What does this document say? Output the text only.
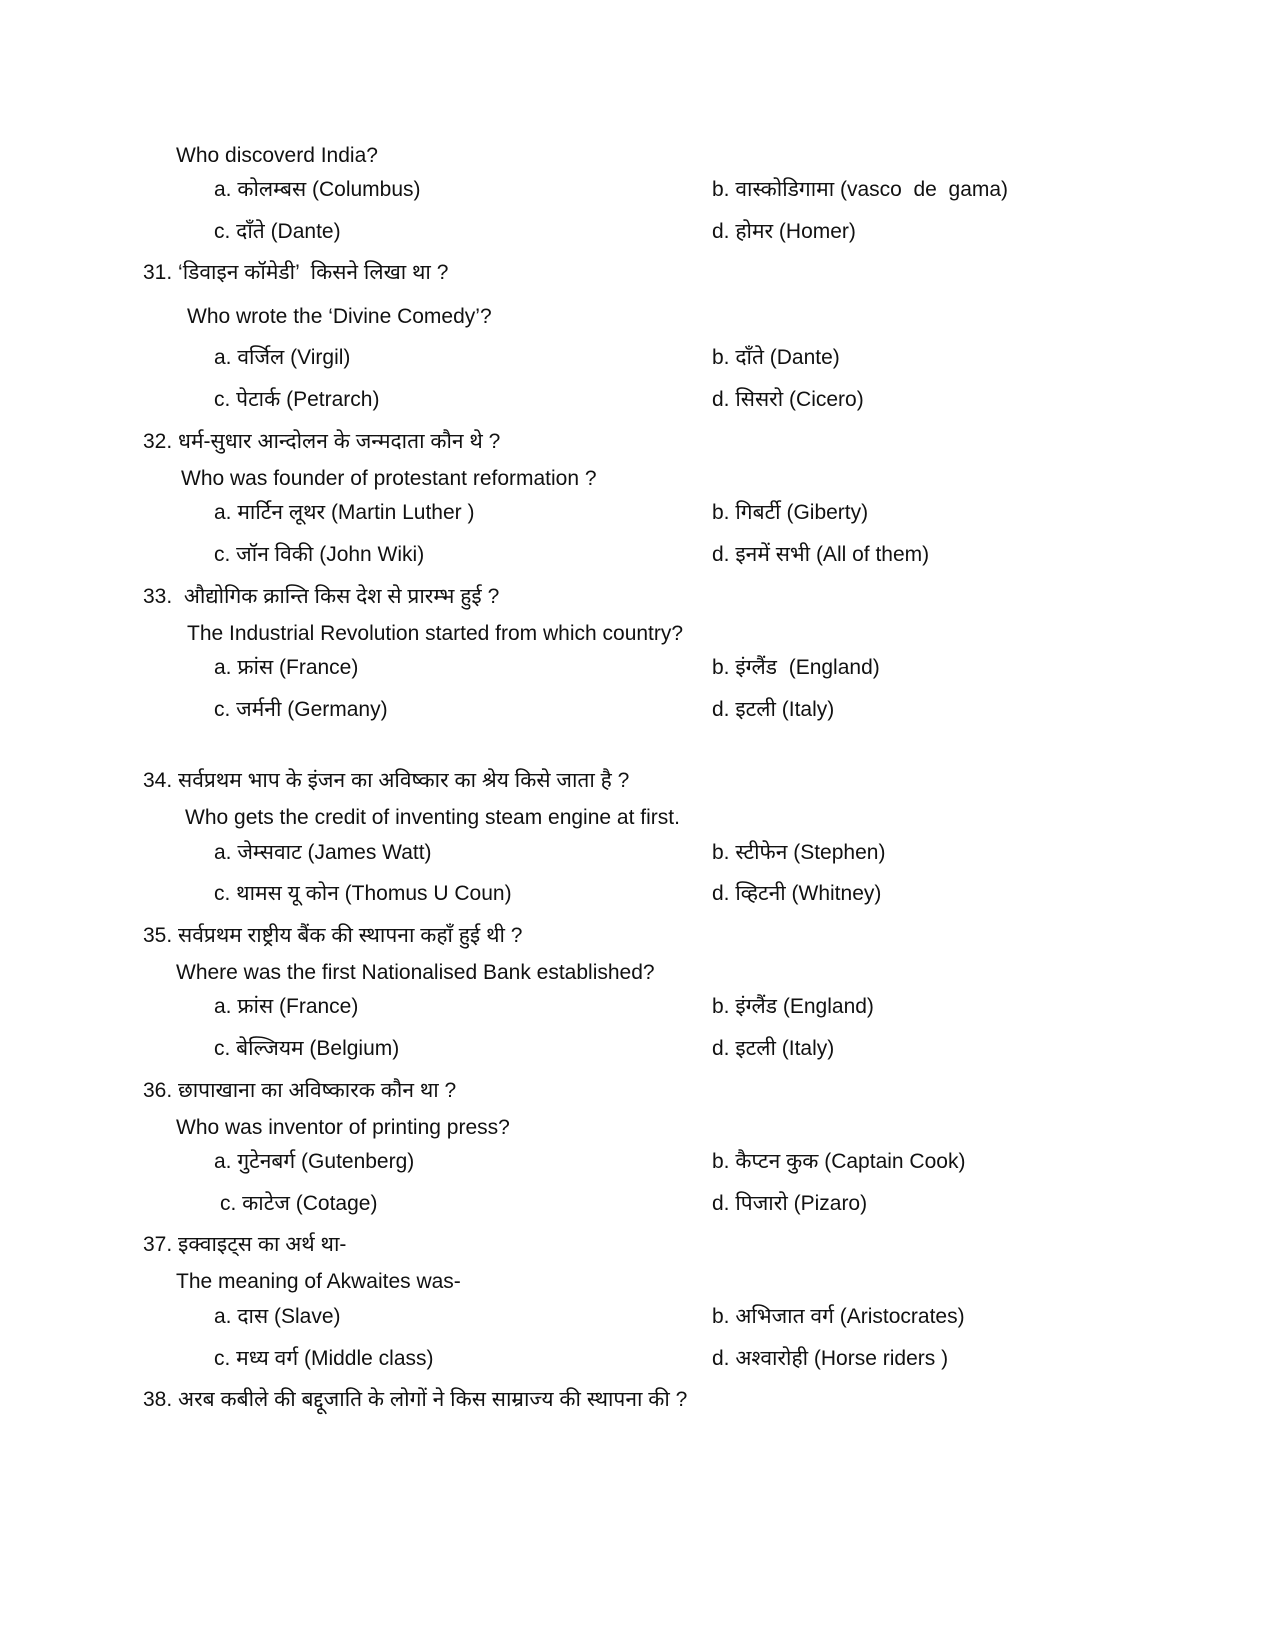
Who discoverd India?
a. कोलम्बस (Columbus)	b. वास्कोडिगामा (vasco  de  gama)
c. दाँते (Dante)	d. होमर (Homer)
31. ‘डिवाइन कॉमेडी’  किसने लिखा था ?
Who wrote the ‘Divine Comedy’?
a. वर्जिल (Virgil)	b. दाँते (Dante)
c. पेटार्क (Petrarch)	d. सिसरो (Cicero)
32. धर्म-सुधार आन्दोलन के जन्मदाता कौन थे ?
Who was founder of protestant reformation ?
a. मार्टिन लूथर (Martin Luther )	b. गिबर्टी (Giberty)
c. जॉन विकी (John Wiki)	d. इनमें सभी (All of them)
33.  औद्योगिक क्रान्ति किस देश से प्रारम्भ हुई ?
The Industrial Revolution started from which country?
a. फ्रांस (France)	b. इंग्लैंड  (England)
c. जर्मनी (Germany)	d. इटली (Italy)
34. सर्वप्रथम भाप के इंजन का अविष्कार का श्रेय किसे जाता है ?
Who gets the credit of inventing steam engine at first.
a. जेम्सवाट (James Watt)	b. स्टीफेन (Stephen)
c. थामस यू कोन (Thomus U Coun)	d. व्हिटनी (Whitney)
35. सर्वप्रथम राष्ट्रीय बैंक की स्थापना कहाँ हुई थी ?
Where was the first Nationalised Bank established?
a. फ्रांस (France)	b. इंग्लैंड (England)
c. बेल्जियम (Belgium)	d. इटली (Italy)
36. छापाखाना का अविष्कारक कौन था ?
Who was inventor of printing press?
a. गुटेनबर्ग (Gutenberg)	b. कैप्टन कुक (Captain Cook)
c. काटेज (Cotage)	d. पिजारो (Pizaro)
37. इक्वाइट्स का अर्थ था-
The meaning of Akwaites was-
a. दास (Slave)	b. अभिजात वर्ग (Aristocrates)
c. मध्य वर्ग (Middle class)	d. अश्वारोही (Horse riders )
38. अरब कबीले की बद्दूजाति के लोगों ने किस साम्राज्य की स्थापना की ?
